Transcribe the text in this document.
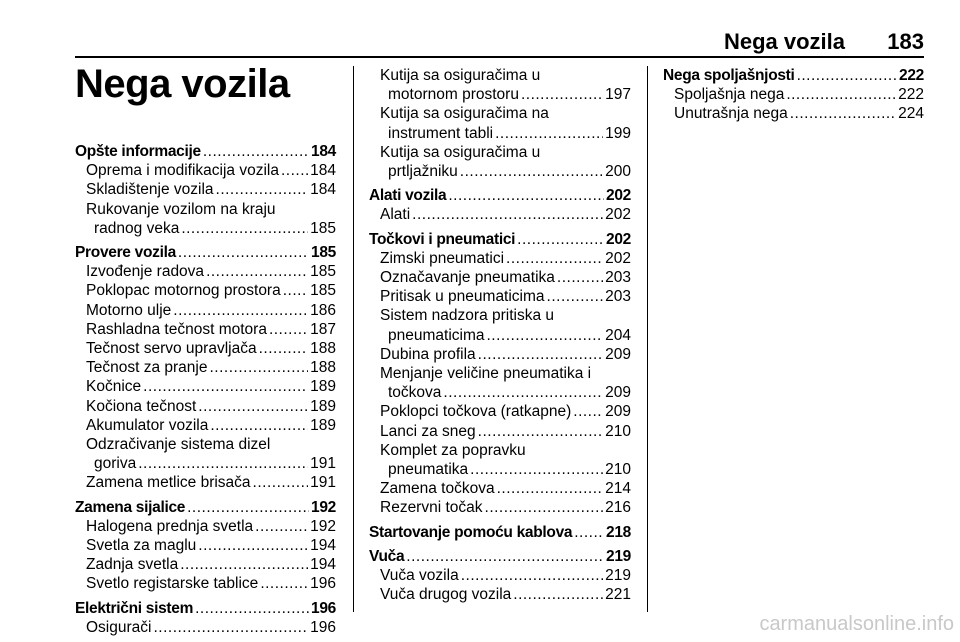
Nega vozila 183
Nega vozila
Opšte informacije .....	184
Oprema i modifikacija vozila ..... 184
Skladištenje vozila .....	184
Rukovanje vozilom na kraju
radnog veka .....	185
Provere vozila .....	185
Izvođenje radova .....	185
Poklopac motornog prostora ..... 185
Motorno ulje .....	186
Rashladna tečnost motora .....	187
Tečnost servo upravljača .....	188
Tečnost za pranje .....	188
Kočnice .....	189
Kočiona tečnost .....	189
Akumulator vozila .....	189
Odzračivanje sistema dizel
goriva .....	191
Zamena metlice brisača .....	191
Zamena sijalice .....	192
Halogena prednja svetla .....	192
Svetla za maglu .....	194
Zadnja svetla .....	194
Svetlo registarske tablice .....	196
Električni sistem .....	196
Osigurači .....	196
Kutija sa osiguračima u
motornom prostoru .....	197
Kutija sa osiguračima na
instrument tabli .....	199
Kutija sa osiguračima u
prtljažniku .....	200
Alati vozila .....	202
Alati .....	202
Točkovi i pneumatici .....	202
Zimski pneumatici .....	202
Označavanje pneumatika .....	203
Pritisak u pneumaticima .....	203
Sistem nadzora pritiska u
pneumaticima .....	204
Dubina profila .....	209
Menjanje veličine pneumatika i
točkova .....	209
Poklopci točkova (ratkapne) ..... 209
Lanci za sneg .....	210
Komplet za popravku
pneumatika .....	210
Zamena točkova .....	214
Rezervni točak .....	216
Startovanje pomoću kablova ..... 218
Vuča .....	219
Vuča vozila .....	219
Vuča drugog vozila .....	221
Nega spoljašnjosti .....	222
Spoljašnja nega .....	222
Unutrašnja nega .....	224
carmanualsonline.info
